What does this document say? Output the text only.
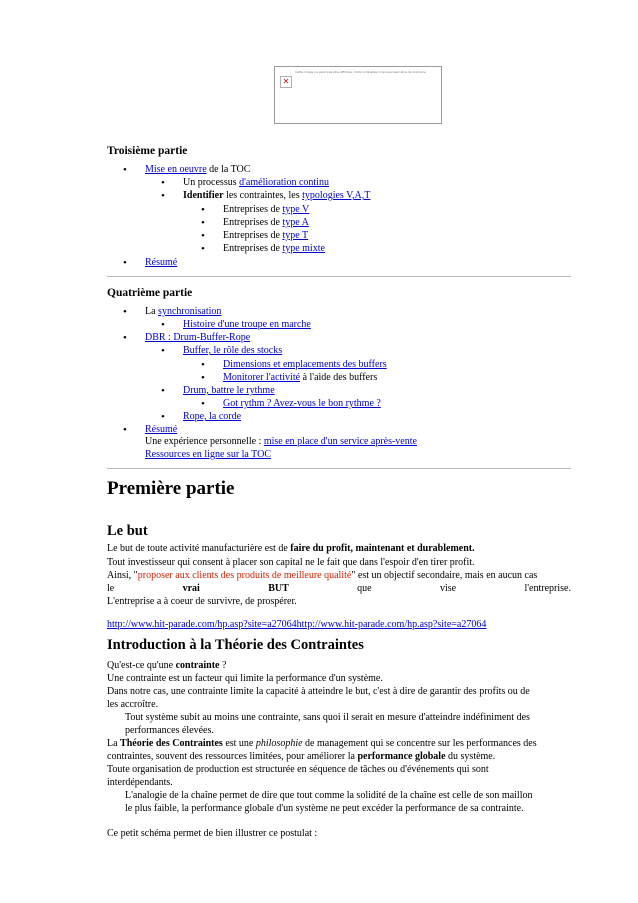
✕
Cette image ne peut pas être affichée. Votre ordinateur manque peut-être de mémoire
Troisième partie
• Mise en oeuvre de la TOC
• Un processus d'amélioration continu
• Identifier les contraintes, les typologies V,A,T
• Entreprises de type V
• Entreprises de type A
• Entreprises de type T
• Entreprises de type mixte
• Résumé
Quatrième partie
• La synchronisation
• Histoire d'une troupe en marche
• DBR : Drum-Buffer-Rope
• Buffer, le rôle des stocks
• Dimensions et emplacements des buffers
• Monitorer l'activité à l'aide des buffers
• Drum, battre le rythme
• Got rythm ? Avez-vous le bon rythme ?
• Rope, la corde
• Résumé
Une expérience personnelle : mise en place d'un service après-vente
Ressources en ligne sur la TOC
Première partie
Le but
Le but de toute activité manufacturière est de faire du profit, maintenant et durablement.
Tout investisseur qui consent à placer son capital ne le fait que dans l'espoir d'en tirer profit.
Ainsi, "proposer aux clients des produits de meilleure qualité" est un objectif secondaire, mais en aucun cas
le	vrai	BUT	que	vise	l'entreprise.
L'entreprise a à coeur de survivre, de prospérer.
http://www.hit-parade.com/hp.asp?site=a27064http://www.hit-parade.com/hp.asp?site=a27064
Introduction à la Théorie des Contraintes
Qu'est-ce qu'une contrainte ?
Une contrainte est un facteur qui limite la performance d'un système.
Dans notre cas, une contrainte limite la capacité à atteindre le but, c'est à dire de garantir des profits ou de
les accroître.
Tout système subit au moins une contrainte, sans quoi il serait en mesure d'atteindre indéfiniment des
performances élevées.
La Théorie des Contraintes est une philosophie de management qui se concentre sur les performances des
contraintes, souvent des ressources limitées, pour améliorer la performance globale du système.
Toute organisation de production est structurée en séquence de tâches ou d'événements qui sont
interdépendants.
L'analogie de la chaîne permet de dire que tout comme la solidité de la chaîne est celle de son maillon
le plus faible, la performance globale d'un système ne peut excéder la performance de sa contrainte.
Ce petit schéma permet de bien illustrer ce postulat :
